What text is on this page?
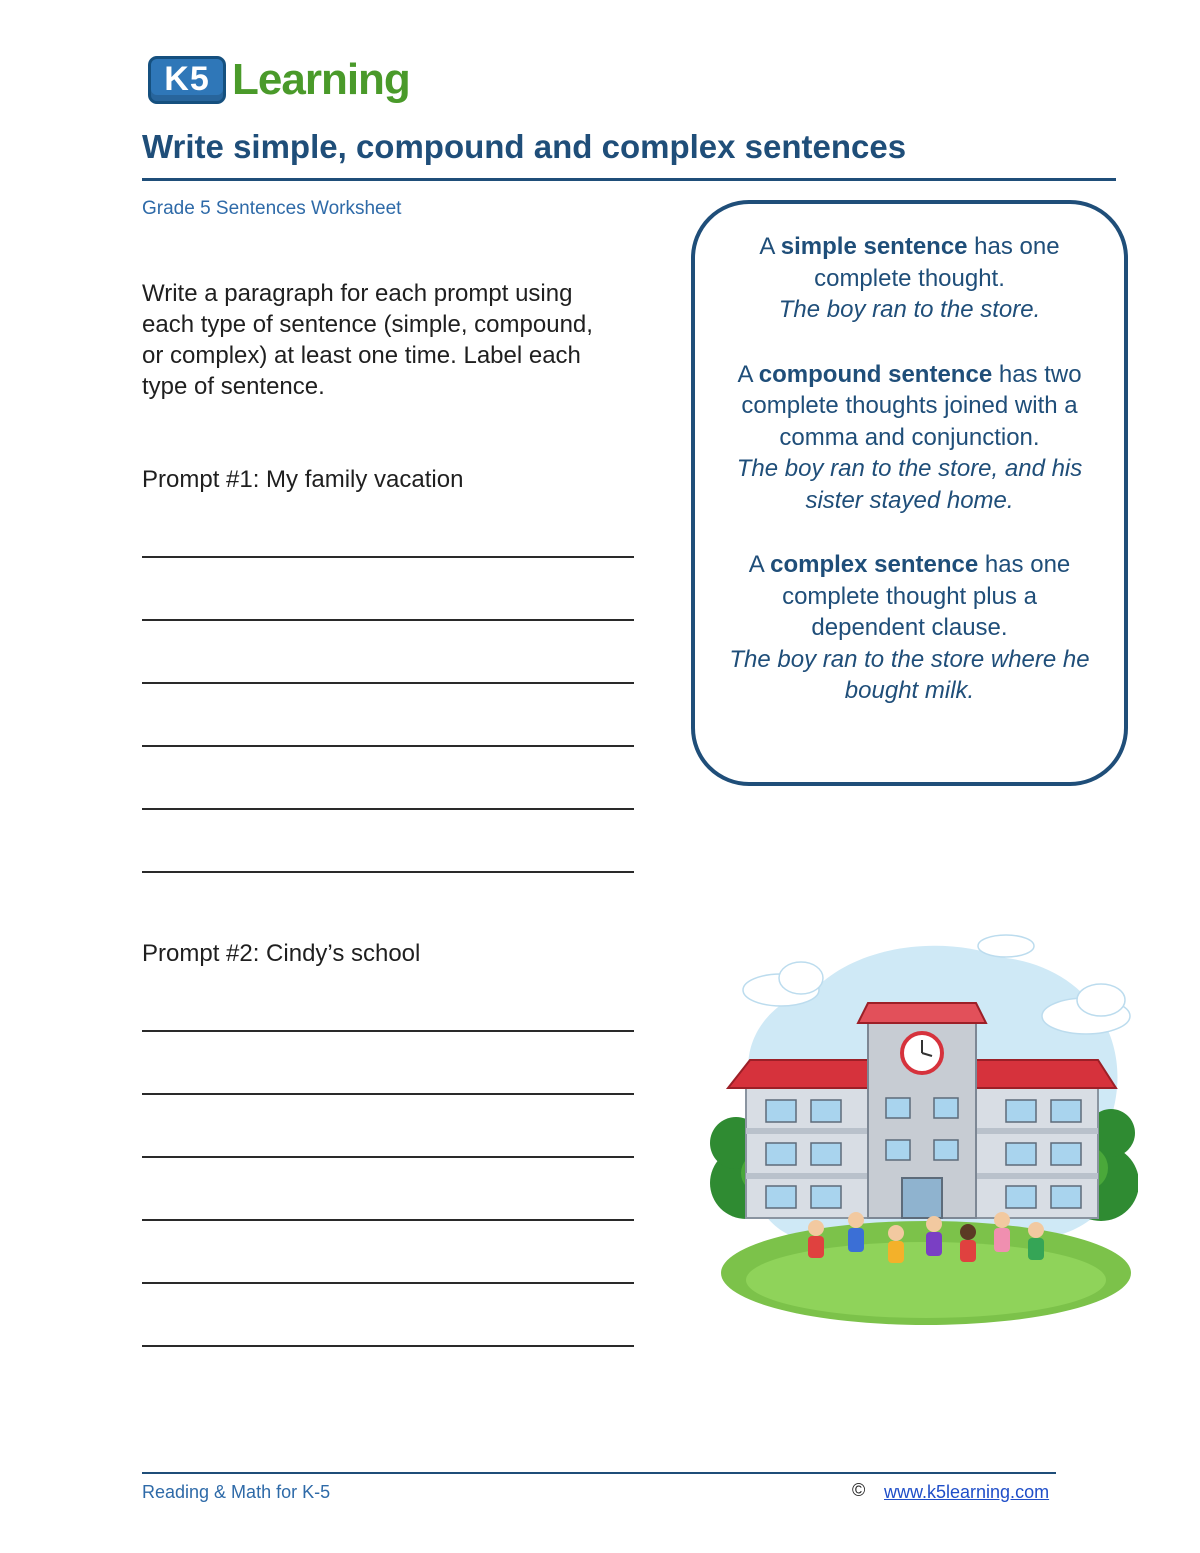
K5 Learning
Write simple, compound and complex sentences
Grade 5 Sentences Worksheet
Write a paragraph for each prompt using each type of sentence (simple, compound, or complex) at least one time. Label each type of sentence.
Prompt #1: My family vacation
Prompt #2: Cindy’s school
A simple sentence has one complete thought.
The boy ran to the store.
A compound sentence has two complete thoughts joined with a comma and conjunction.
The boy ran to the store, and his sister stayed home.
A complex sentence has one complete thought plus a dependent clause.
The boy ran to the store where he bought milk.
Reading & Math for K-5	© www.k5learning.com
